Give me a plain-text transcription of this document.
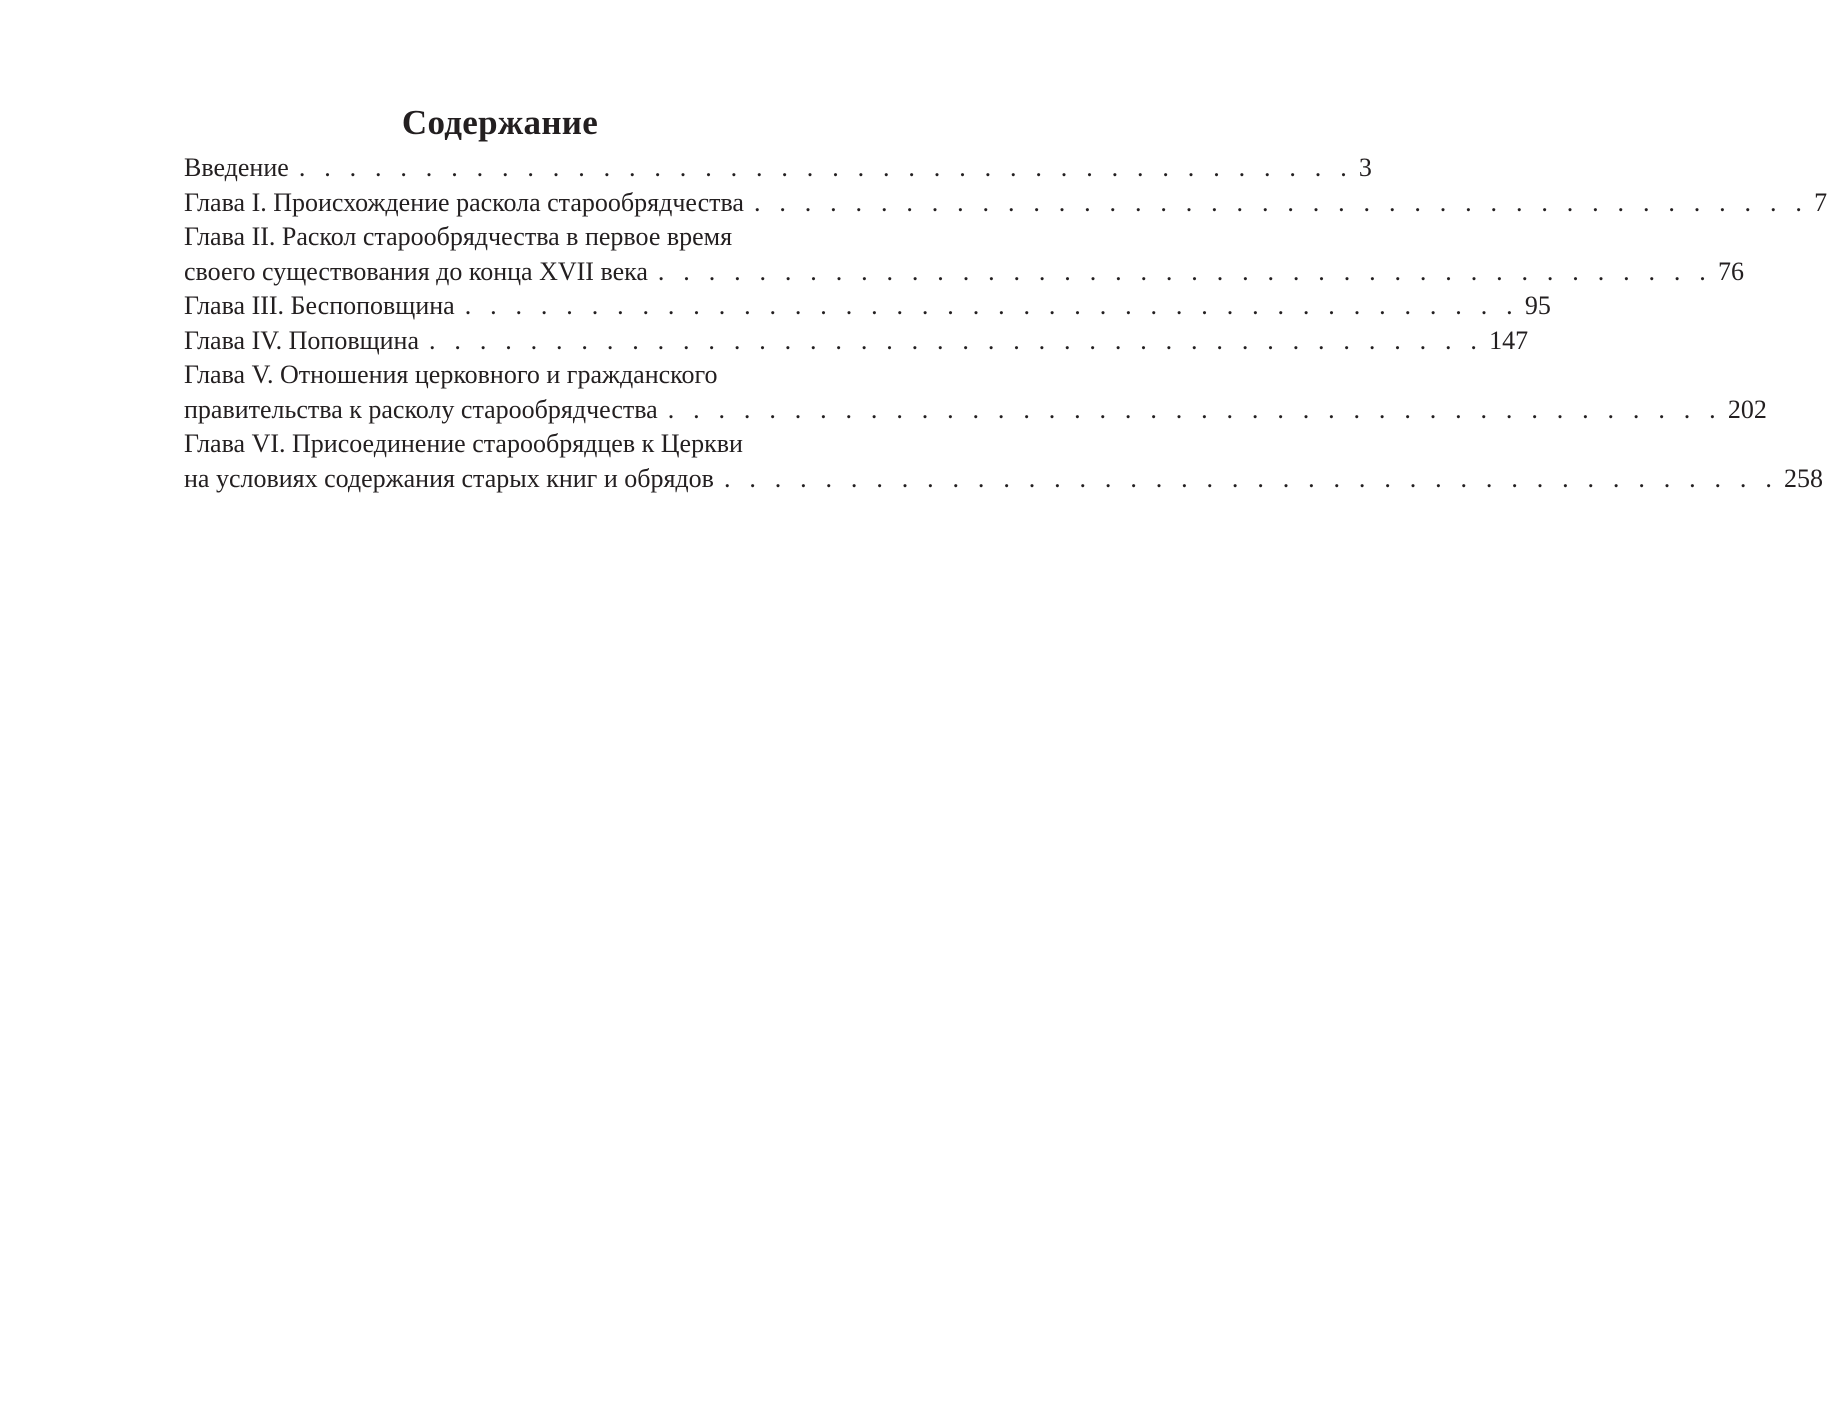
Содержание
Введение . . . . . . . . . . . . . . . . . . . . . . . . . . . . . . . . . . . . . . . . . . 3
Глава I. Происхождение раскола старообрядчества . . . . . . . . . . . . . . . . . . . . . . . . . . . . . . . . . . . . . . . . . . 7
Глава II. Раскол старообрядчества в первое время
своего существования до конца XVII века . . . . . . . . . . . . . . . . . . . . . . . . . . . . . . . . . . . . . . . . . . 76
Глава III. Беспоповщина . . . . . . . . . . . . . . . . . . . . . . . . . . . . . . . . . . . . . . . . . . 95
Глава IV. Поповщина . . . . . . . . . . . . . . . . . . . . . . . . . . . . . . . . . . . . . . . . . . 147
Глава V. Отношения церковного и гражданского
правительства к расколу старообрядчества . . . . . . . . . . . . . . . . . . . . . . . . . . . . . . . . . . . . . . . . . . 202
Глава VI. Присоединение старообрядцев к Церкви
на условиях содержания старых книг и обрядов . . . . . . . . . . . . . . . . . . . . . . . . . . . . . . . . . . . . . . . . . . 258
